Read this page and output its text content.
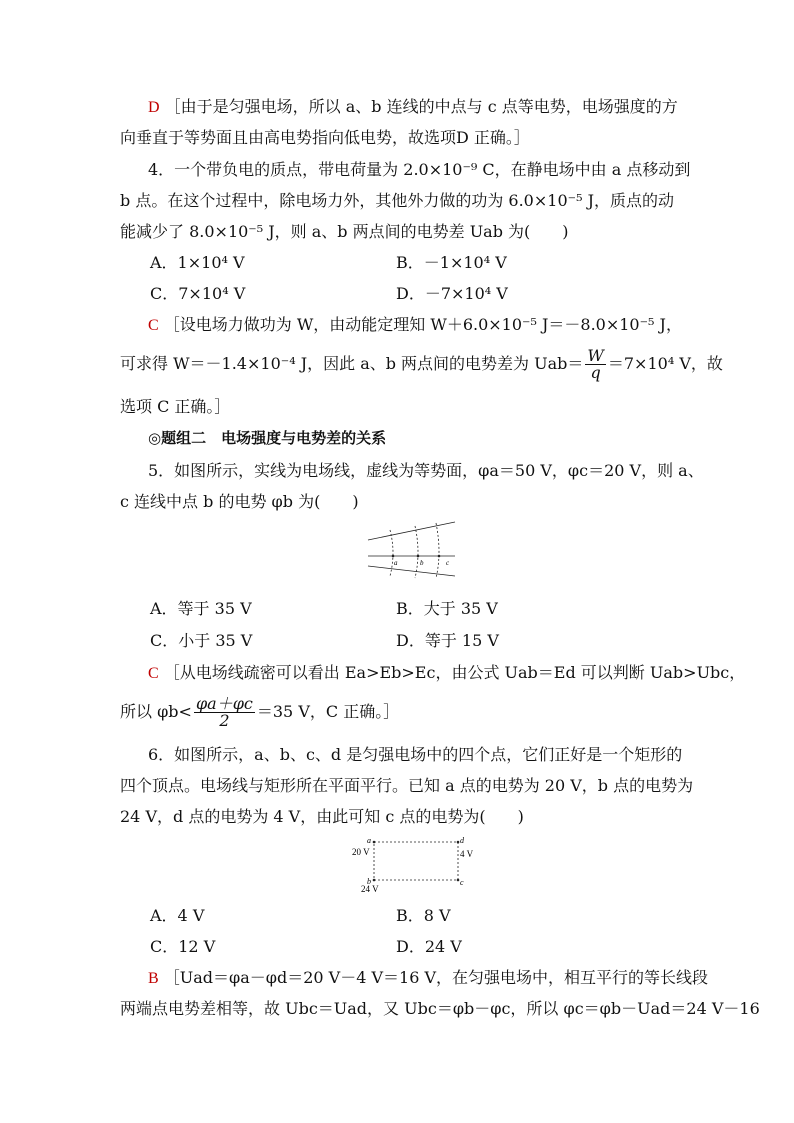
D ［由于是匀强电场，所以 a、b 连线的中点与 c 点等电势，电场强度的方
向垂直于等势面且由高电势指向低电势，故选项D 正确。］
4．一个带负电的质点，带电荷量为 2.0×10⁻⁹ C，在静电场中由 a 点移动到
b 点。在这个过程中，除电场力外，其他外力做的功为 6.0×10⁻⁵ J，质点的动
能减少了 8.0×10⁻⁵ J，则 a、b 两点间的电势差 Uab 为(　　)
A．1×10⁴ V	B．－1×10⁴ V
C．7×10⁴ V	D．－7×10⁴ V
C ［设电场力做功为 W，由动能定理知 W＋6.0×10⁻⁵ J＝－8.0×10⁻⁵ J，
可求得 W＝－1.4×10⁻⁴ J，因此 a、b 两点间的电势差为 $Uab= \frac{W}{q} =7\times 10^4$ V，故
选项 C 正确。］
◎题组二　电场强度与电势差的关系
5．如图所示，实线为电场线，虚线为等势面，φa＝50 V，φc＝20 V，则 a、
c 连线中点 b 的电势 φb 为(　　)
a	b	c
A．等于 35 V	B．大于 35 V
C．小于 35 V	D．等于 15 V
C ［从电场线疏密可以看出 Ea>Eb>Ec，由公式 Uab＝Ed 可以判断 Uab>Ubc，
所以 $\varphi b< \frac{\varphi a+\varphi c}{2} =35$ V，C 正确。］
6．如图所示，a、b、c、d 是匀强电场中的四个点，它们正好是一个矩形的
四个顶点。电场线与矩形所在平面平行。已知 a 点的电势为 20 V，b 点的电势为
24 V，d 点的电势为 4 V，由此可知 c 点的电势为(　　)
a	d
b	c
20 V	4 V
24 V
A．4 V	B．8 V
C．12 V	D．24 V
B ［Uad＝φa－φd＝20 V－4 V＝16 V，在匀强电场中，相互平行的等长线段
两端点电势差相等，故 Ubc＝Uad，又 Ubc＝φb－φc，所以 φc＝φb－Uad＝24 V－16
